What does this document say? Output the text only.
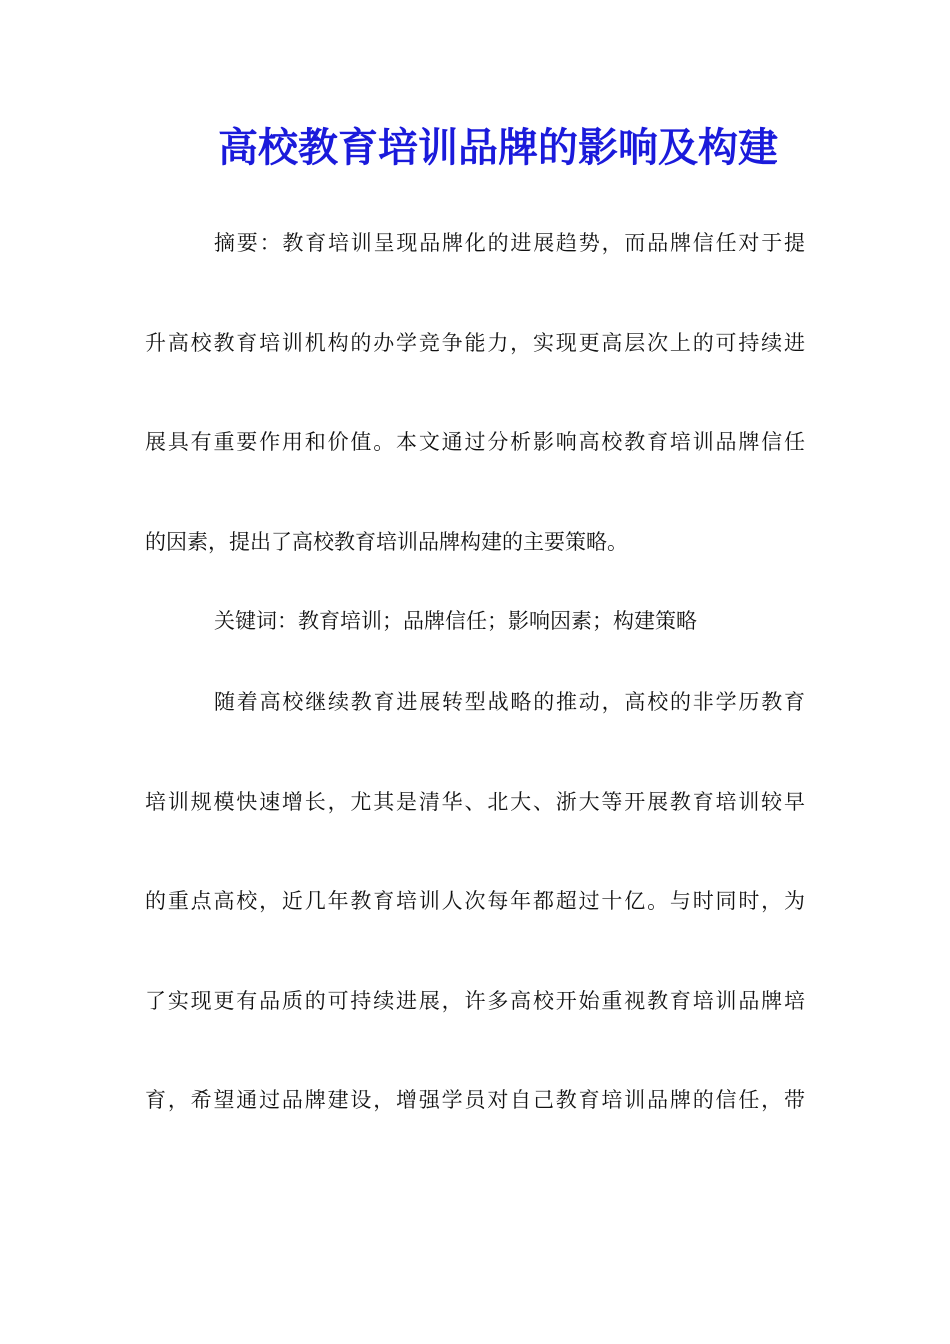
高校教育培训品牌的影响及构建
摘要：教育培训呈现品牌化的进展趋势，而品牌信任对于提
升高校教育培训机构的办学竞争能力，实现更高层次上的可持续进
展具有重要作用和价值。本文通过分析影响高校教育培训品牌信任
的因素，提出了高校教育培训品牌构建的主要策略。
关键词：教育培训；品牌信任；影响因素；构建策略
随着高校继续教育进展转型战略的推动，高校的非学历教育
培训规模快速增长，尤其是清华、北大、浙大等开展教育培训较早
的重点高校，近几年教育培训人次每年都超过十亿。与时同时，为
了实现更有品质的可持续进展，许多高校开始重视教育培训品牌培
育，希望通过品牌建设，增强学员对自己教育培训品牌的信任，带
